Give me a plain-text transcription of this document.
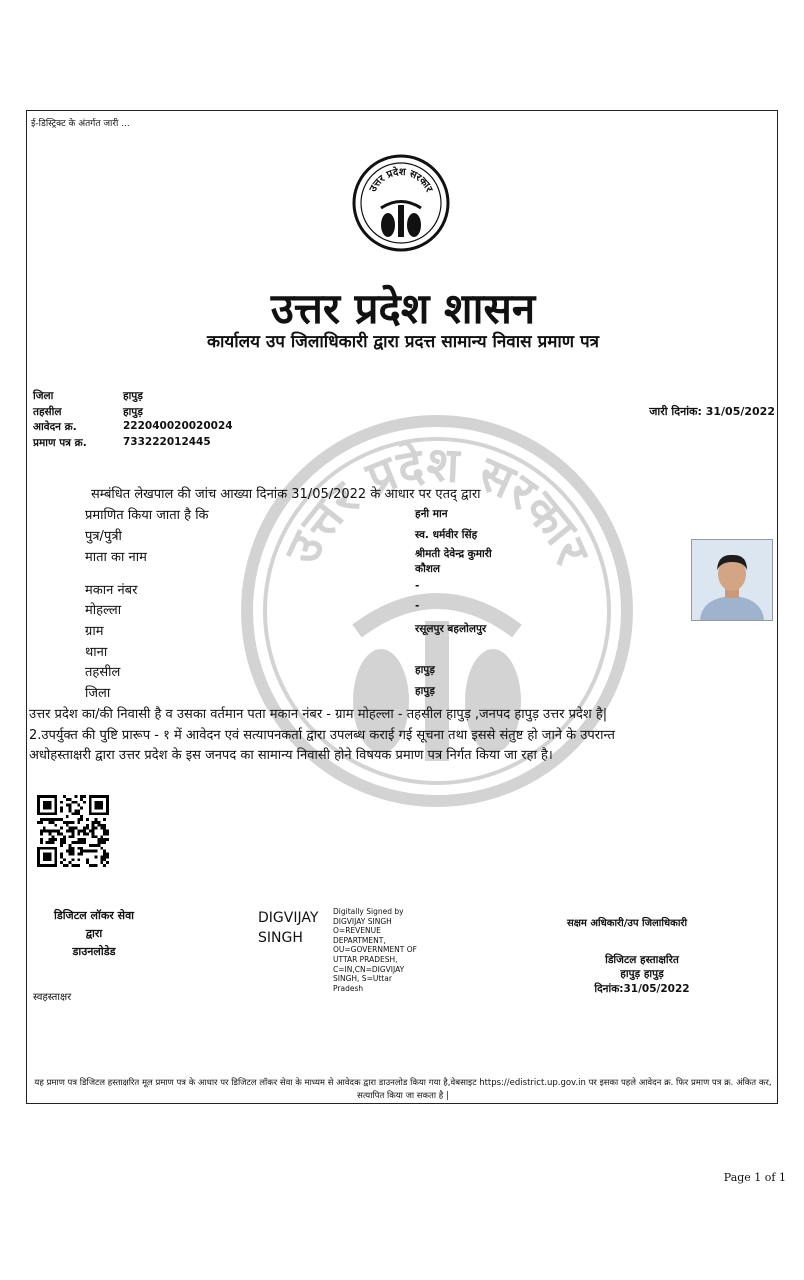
ई-डिस्ट्रिक्ट के अंतर्गत जारी ...
उत्तर प्रदेश सरकार
उत्तर प्रदेश सरकार
उत्तर प्रदेश शासन
कार्यालय उप जिलाधिकारी द्वारा प्रदत्त सामान्य निवास प्रमाण पत्र
जिला	हापुड़
तहसील	हापुड़
आवेदन क्र.	222040020020024
प्रमाण पत्र क्र.	733222012445
जारी दिनांक: 31/05/2022
सम्बंधित लेखपाल की जांच आख्या दिनांक 31/05/2022 के आधार पर एतद् द्वारा
प्रमाणित किया जाता है कि	हनी मान
पुत्र/पुत्री	स्व. धर्मवीर सिंह
माता का नाम	श्रीमती देवेन्द्र कुमारी
कौशल
मकान नंबर	-
मोहल्ला	-
ग्राम	रसूलपुर बहलोलपुर
थाना
तहसील	हापुड़
जिला	हापुड़
उत्तर प्रदेश का/की निवासी है व उसका वर्तमान पता मकान नंबर - ग्राम मोहल्ला - तहसील हापुड़ ,जनपद हापुड़ उत्तर प्रदेश है|
2.उपर्युक्त की पुष्टि प्रारूप - १ में आवेदन एवं सत्यापनकर्ता द्वारा उपलब्ध कराई गई सूचना तथा इससे संतुष्ट हो जाने के उपरान्त
अधोहस्ताक्षरी द्वारा उत्तर प्रदेश के इस जनपद का सामान्य निवासी होने विषयक प्रमाण पत्र निर्गत किया जा रहा है।
डिजिटल लॉकर सेवा
द्वारा
डाउनलोडेड
स्वहस्ताक्षर
DIGVIJAY SINGH
Digitally Signed by DIGVIJAY SINGH O=REVENUE DEPARTMENT, OU=GOVERNMENT OF UTTAR PRADESH, C=IN,CN=DIGVIJAY SINGH, S=Uttar Pradesh
सक्षम अधिकारी/उप जिलाधिकारी
डिजिटल हस्ताक्षरित
हापुड़ हापुड़
दिनांक:31/05/2022
यह प्रमाण पत्र डिजिटल हस्ताक्षरित मूल प्रमाण पत्र के आधार पर डिजिटल लॉकर सेवा के माध्यम से आवेदक द्वारा डाउनलोड किया गया है,वेबसाइट https://edistrict.up.gov.in पर इसका पहले आवेदन क्र. फिर प्रमाण पत्र क्र. अंकित कर, सत्यापित किया जा सकता है |
Page 1 of 1
